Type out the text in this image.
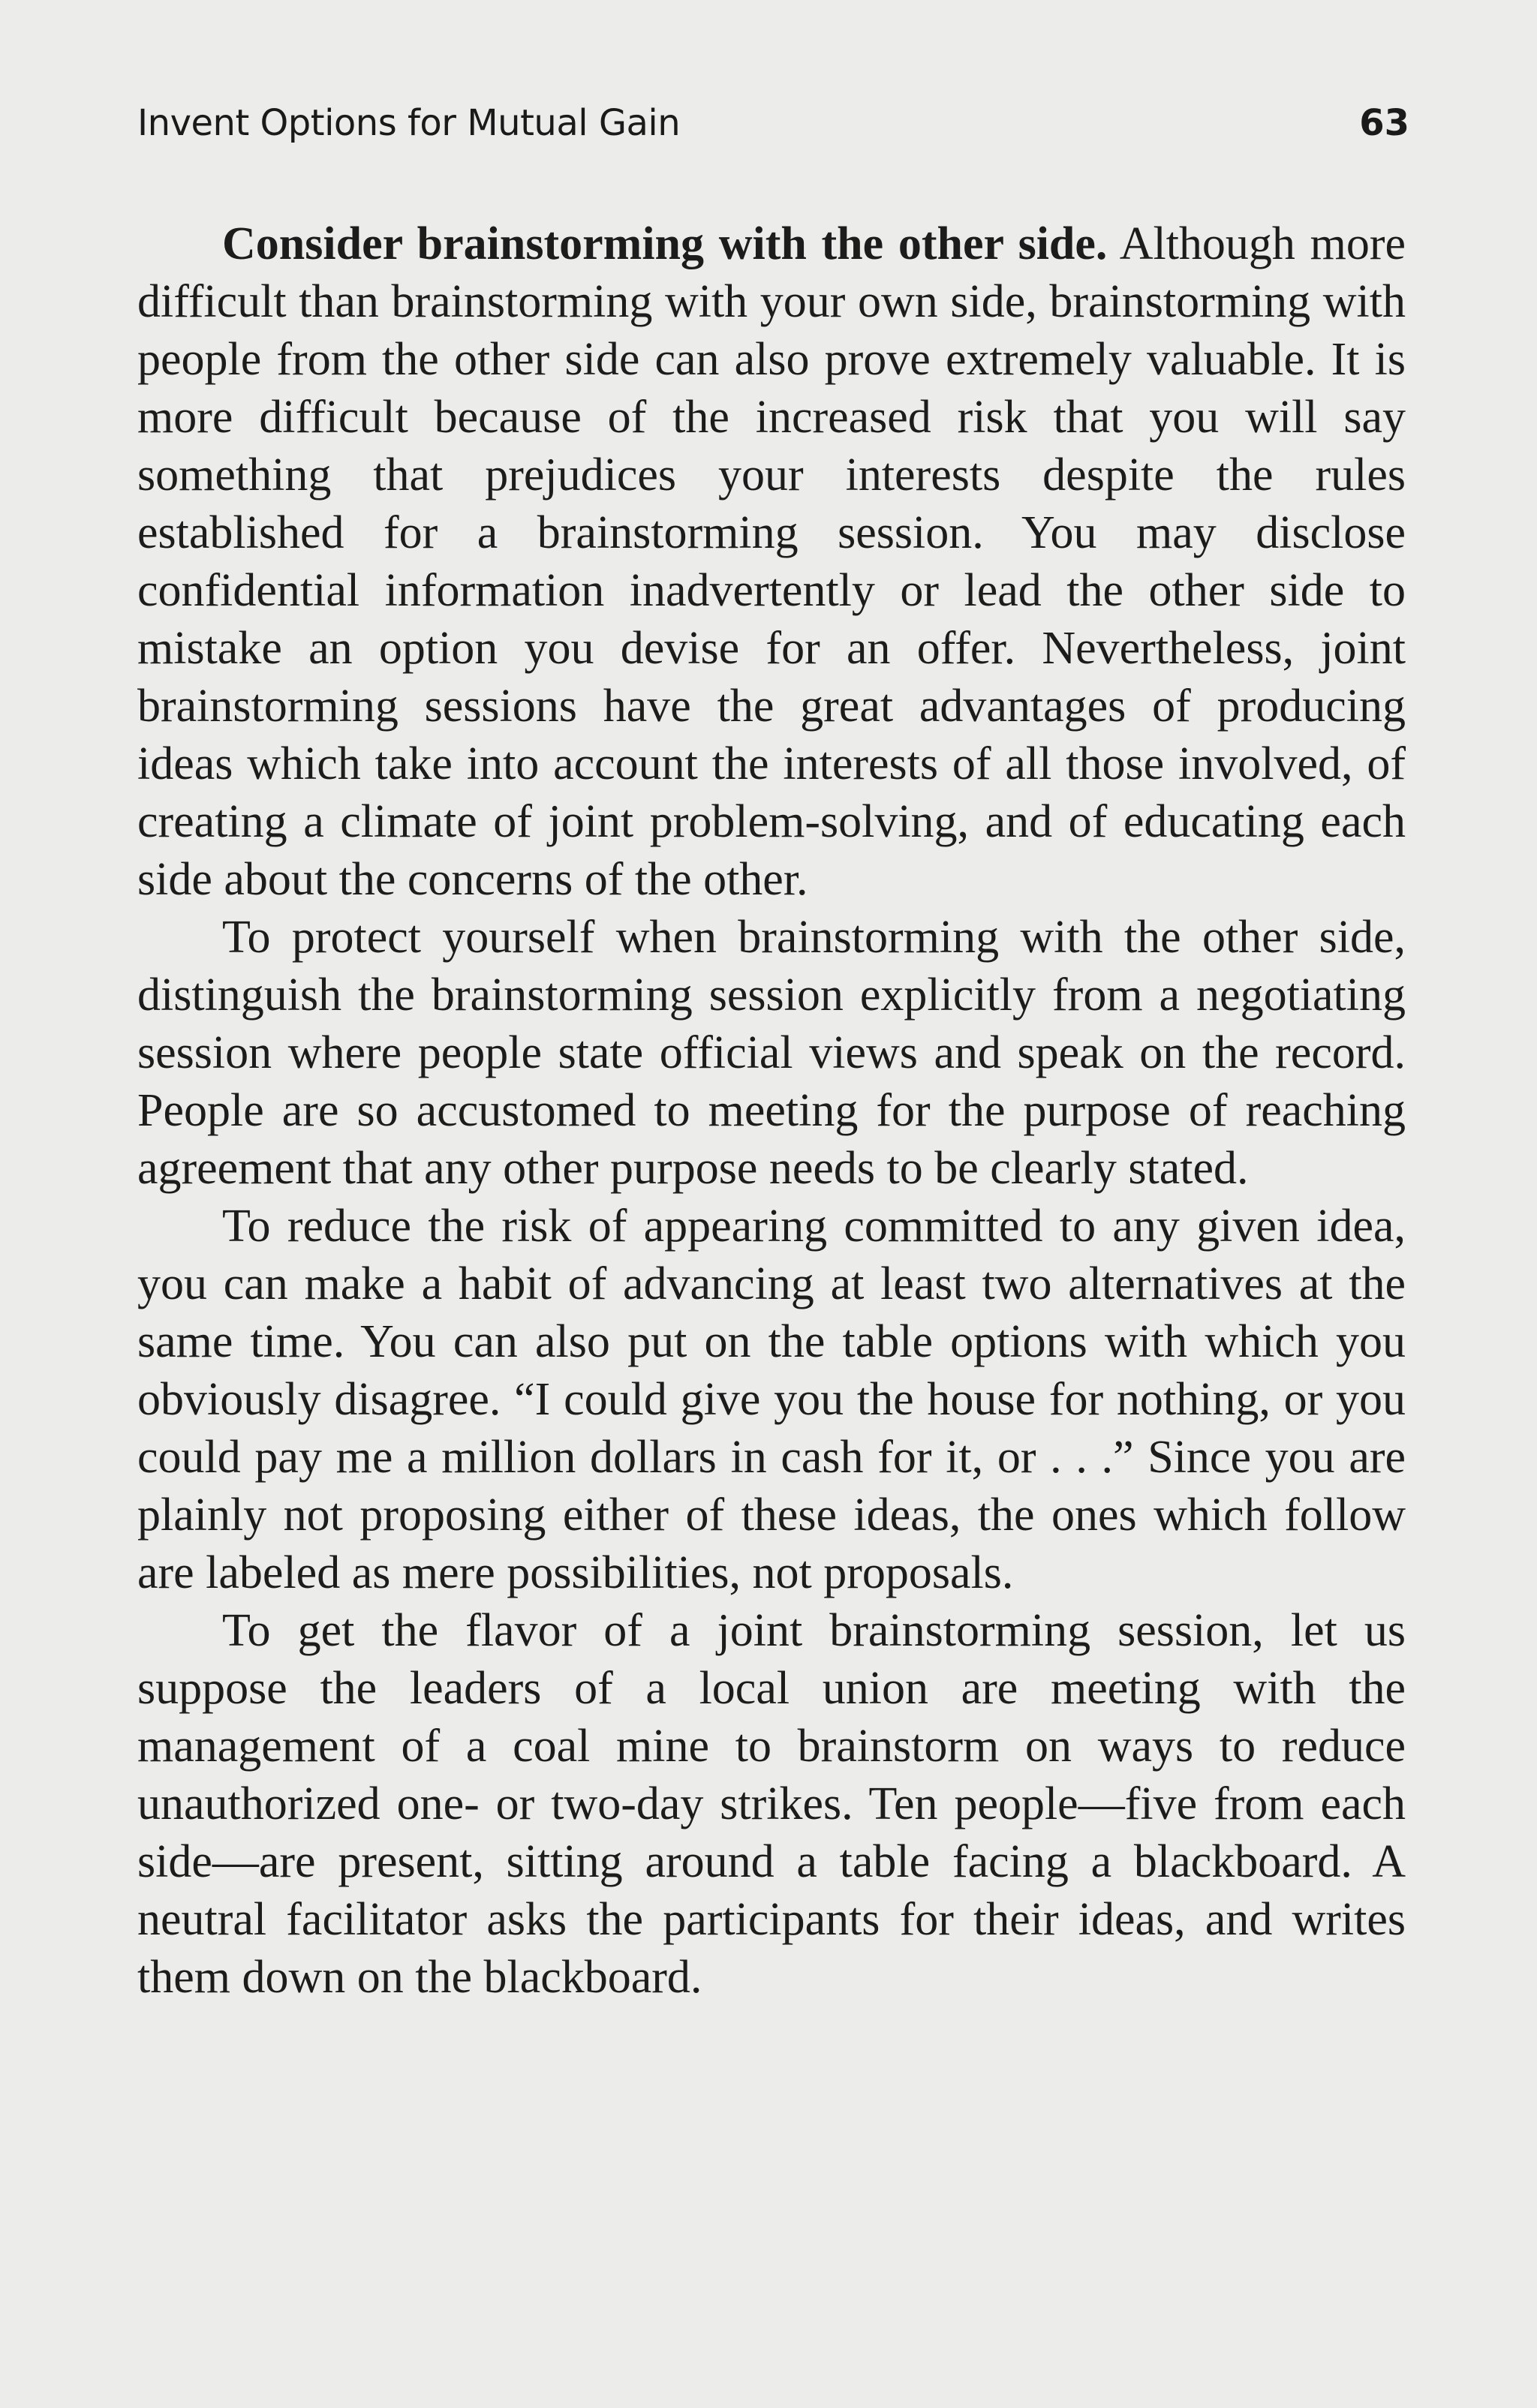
Invent Options for Mutual Gain	63

Consider brainstorming with the other side. Although more difficult than brainstorming with your own side, brainstorming with people from the other side can also prove extremely valuable. It is more difficult because of the increased risk that you will say something that prejudices your interests despite the rules established for a brainstorming session. You may disclose confidential information inadvertently or lead the other side to mistake an option you devise for an offer. Nevertheless, joint brainstorming sessions have the great advantages of producing ideas which take into account the interests of all those involved, of creating a climate of joint problem-solving, and of educating each side about the concerns of the other.

To protect yourself when brainstorming with the other side, distinguish the brainstorming session explicitly from a negotiating session where people state official views and speak on the record. People are so accustomed to meeting for the purpose of reaching agreement that any other purpose needs to be clearly stated.

To reduce the risk of appearing committed to any given idea, you can make a habit of advancing at least two alternatives at the same time. You can also put on the table options with which you obviously disagree. “I could give you the house for nothing, or you could pay me a million dollars in cash for it, or . . .” Since you are plainly not proposing either of these ideas, the ones which follow are labeled as mere possibilities, not proposals.

To get the flavor of a joint brainstorming session, let us suppose the leaders of a local union are meeting with the management of a coal mine to brainstorm on ways to reduce unauthorized one- or two-day strikes. Ten people—five from each side—are present, sitting around a table facing a blackboard. A neutral facilitator asks the participants for their ideas, and writes them down on the blackboard.
